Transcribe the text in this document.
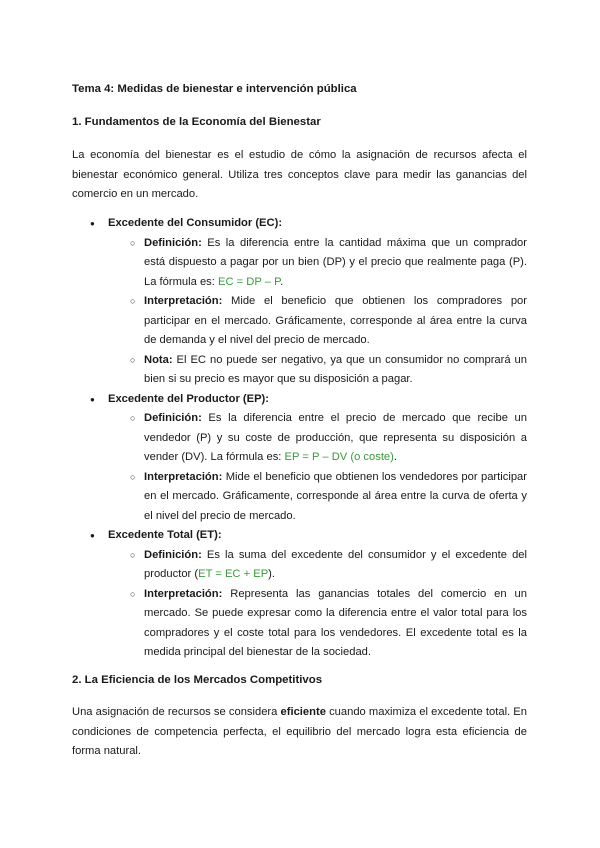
Tema 4: Medidas de bienestar e intervención pública
1. Fundamentos de la Economía del Bienestar

La economía del bienestar es el estudio de cómo la asignación de recursos afecta el bienestar económico general. Utiliza tres conceptos clave para medir las ganancias del comercio en un mercado.

● Excedente del Consumidor (EC):
○ Definición: Es la diferencia entre la cantidad máxima que un comprador está dispuesto a pagar por un bien (DP) y el precio que realmente paga (P). La fórmula es: EC = DP – P.
○ Interpretación: Mide el beneficio que obtienen los compradores por participar en el mercado. Gráficamente, corresponde al área entre la curva de demanda y el nivel del precio de mercado.
○ Nota: El EC no puede ser negativo, ya que un consumidor no comprará un bien si su precio es mayor que su disposición a pagar.
● Excedente del Productor (EP):
○ Definición: Es la diferencia entre el precio de mercado que recibe un vendedor (P) y su coste de producción, que representa su disposición a vender (DV). La fórmula es: EP = P – DV (o coste).
○ Interpretación: Mide el beneficio que obtienen los vendedores por participar en el mercado. Gráficamente, corresponde al área entre la curva de oferta y el nivel del precio de mercado.
● Excedente Total (ET):
○ Definición: Es la suma del excedente del consumidor y el excedente del productor (ET = EC + EP).
○ Interpretación: Representa las ganancias totales del comercio en un mercado. Se puede expresar como la diferencia entre el valor total para los compradores y el coste total para los vendedores. El excedente total es la medida principal del bienestar de la sociedad.
2. La Eficiencia de los Mercados Competitivos

Una asignación de recursos se considera eficiente cuando maximiza el excedente total. En condiciones de competencia perfecta, el equilibrio del mercado logra esta eficiencia de forma natural.
